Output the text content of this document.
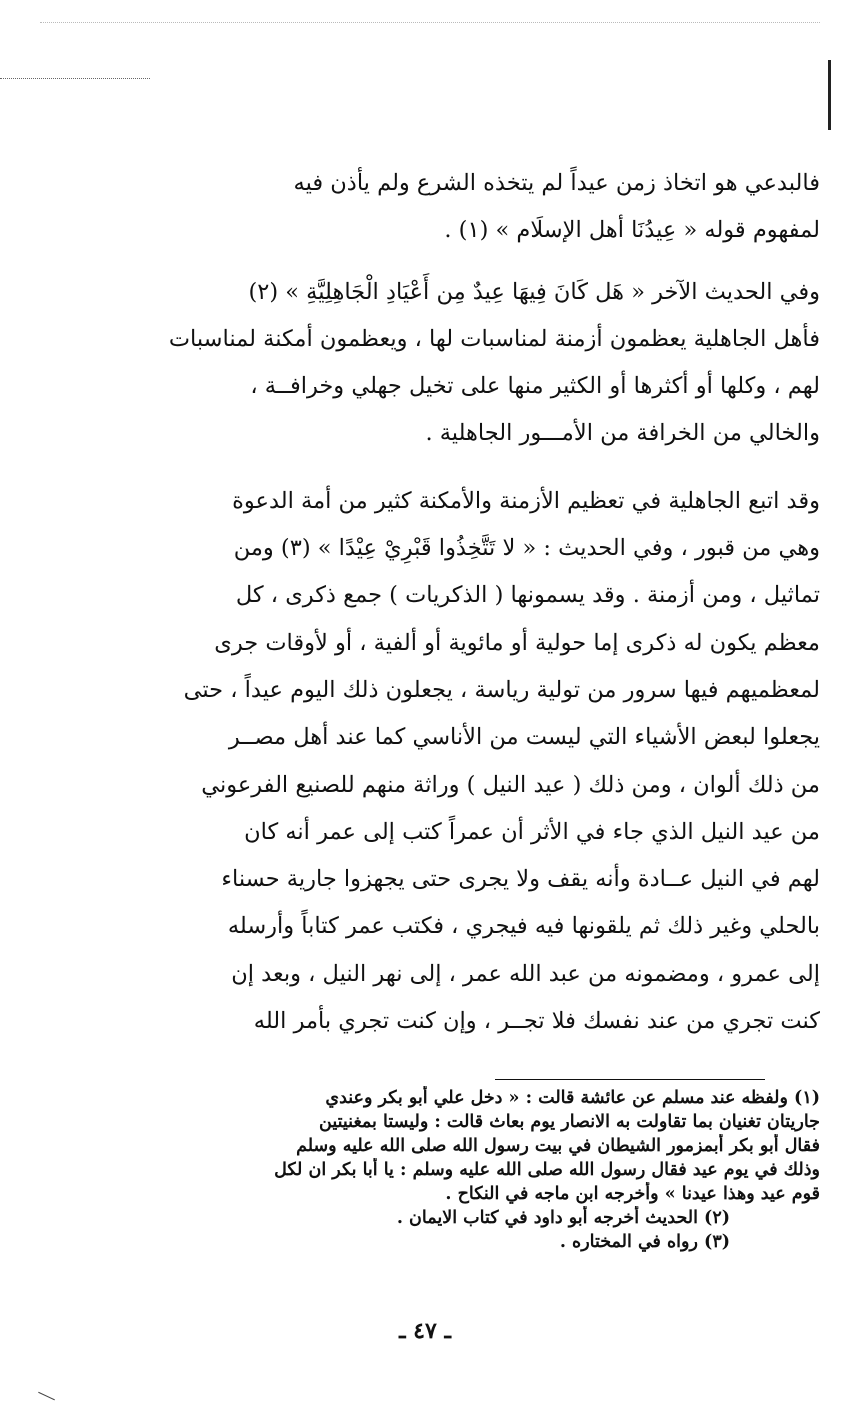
فالبدعي هو اتخاذ زمن عيداً لم يتخذه الشرع ولم يأذن فيه
لمفهوم قوله « عِيدُنَا أهل الإسلَام » (١) .
وفي الحديث الآخر « هَل كَانَ فِيهَا عِيدٌ مِن أَعْيَادِ الْجَاهِلِيَّةِ » (٢)
فأهل الجاهلية يعظمون أزمنة لمناسبات لها ، ويعظمون أمكنة لمناسبات
لهم ، وكلها أو أكثرها أو الكثير منها على تخيل جهلي وخرافــة ،
والخالي من الخرافة من الأمـــور الجاهلية .
وقد اتبع الجاهلية في تعظيم الأزمنة والأمكنة كثير من أمة الدعوة
وهي من قبور ، وفي الحديث : « لا تَتَّخِذُوا قَبْرِيْ عِيْدًا » (٣) ومن
تماثيل ، ومن أزمنة . وقد يسمونها ( الذكريات ) جمع ذكرى ، كل
معظم يكون له ذكرى إما حولية أو مائوية أو ألفية ، أو لأوقات جرى
لمعظميهم فيها سرور من تولية رياسة ، يجعلون ذلك اليوم عيداً ، حتى
يجعلوا لبعض الأشياء التي ليست من الأناسي كما عند أهل مصــر
من ذلك ألوان ، ومن ذلك ( عيد النيل ) وراثة منهم للصنيع الفرعوني
من عيد النيل الذي جاء في الأثر أن عمراً كتب إلى عمر أنه كان
لهم في النيل عــادة وأنه يقف ولا يجرى حتى يجهزوا جارية حسناء
بالحلي وغير ذلك ثم يلقونها فيه فيجري ، فكتب عمر كتاباً وأرسله
إلى عمرو ، ومضمونه من عبد الله عمر ، إلى نهر النيل ، وبعد إن
كنت تجري من عند نفسك فلا تجــر ، وإن كنت تجري بأمر الله
(١) ولفظه عند مسلم عن عائشة قالت : « دخل علي أبو بكر وعندي
جاريتان تغنيان بما تقاولت به الانصار يوم بعاث قالت : وليستا بمغنيتين
فقال أبو بكر أبمزمور الشيطان في بيت رسول الله صلى الله عليه وسلم
وذلك في يوم عيد فقال رسول الله صلى الله عليه وسلم : يا أبا بكر ان لكل
قوم عيد وهذا عيدنا » وأخرجه ابن ماجه في النكاح .
(٢) الحديث أخرجه أبو داود في كتاب الايمان .
(٣) رواه في المختاره .
ـ ٤٧ ـ
